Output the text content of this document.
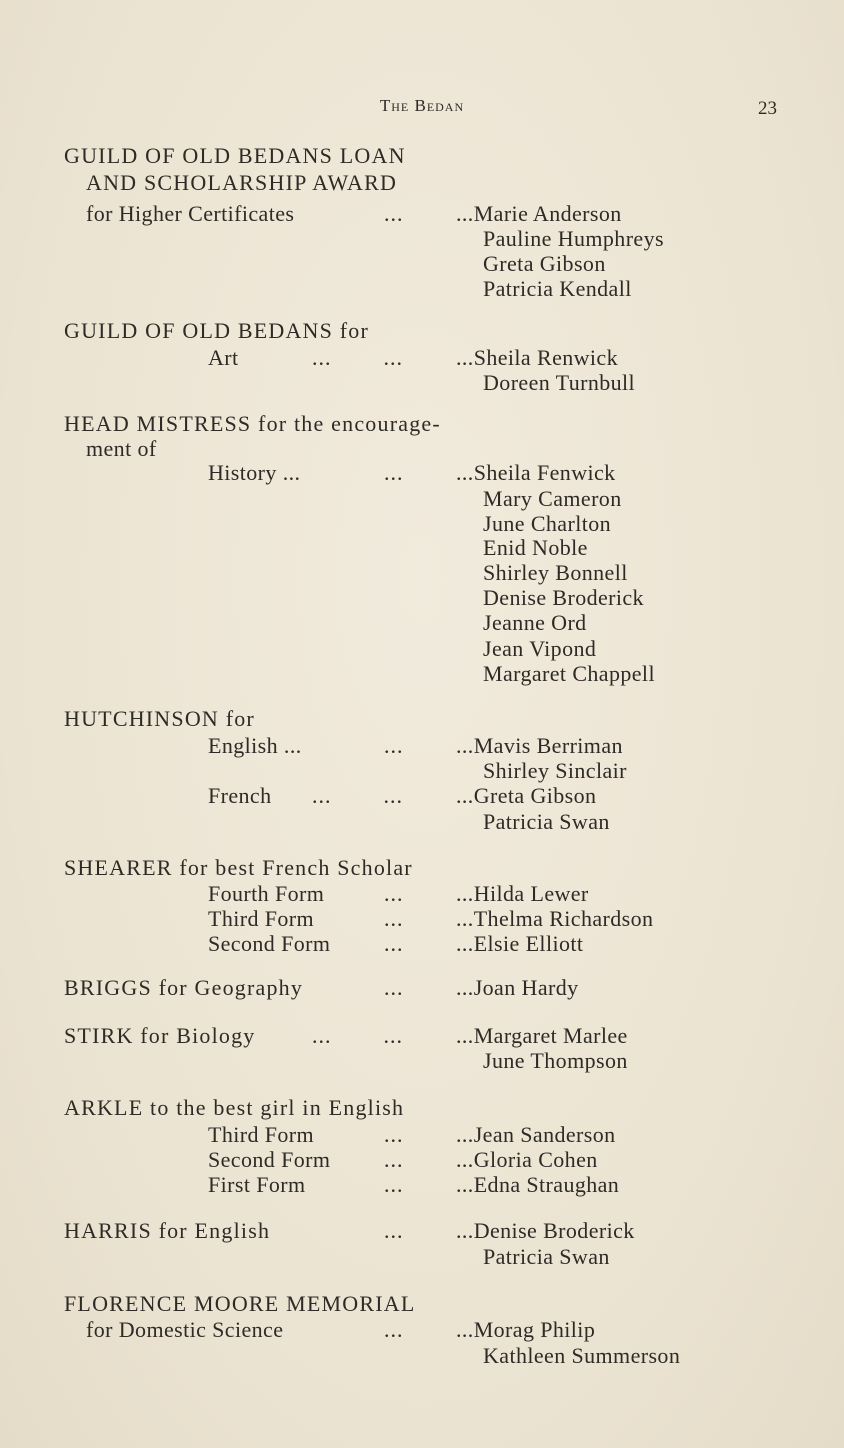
The Bedan	23
GUILD OF OLD BEDANS LOAN
AND SCHOLARSHIP AWARD
for Higher Certificates	... ...Marie Anderson
Pauline Humphreys
Greta Gibson
Patricia Kendall
GUILD OF OLD BEDANS for
Art	...        ... ...Sheila Renwick
Doreen Turnbull
HEAD MISTRESS for the encourage-
ment of
History ...	... ...Sheila Fenwick
Mary Cameron
June Charlton
Enid Noble
Shirley Bonnell
Denise Broderick
Jeanne Ord
Jean Vipond
Margaret Chappell
HUTCHINSON for
English ...	... ...Mavis Berriman
Shirley Sinclair
French ...        ... ...Greta Gibson
Patricia Swan
SHEARER for best French Scholar
Fourth Form	... ...Hilda Lewer
Third Form	... ...Thelma Richardson
Second Form ... ...Elsie Elliott
BRIGGS for Geography	... ...Joan Hardy
STIRK for Biology	...        ... ...Margaret Marlee
June Thompson
ARKLE to the best girl in English
Third Form	... ...Jean Sanderson
Second Form ... ...Gloria Cohen
First Form	... ...Edna Straughan
HARRIS for English	... ...Denise Broderick
Patricia Swan
FLORENCE MOORE MEMORIAL
for Domestic Science	... ...Morag Philip
Kathleen Summerson
